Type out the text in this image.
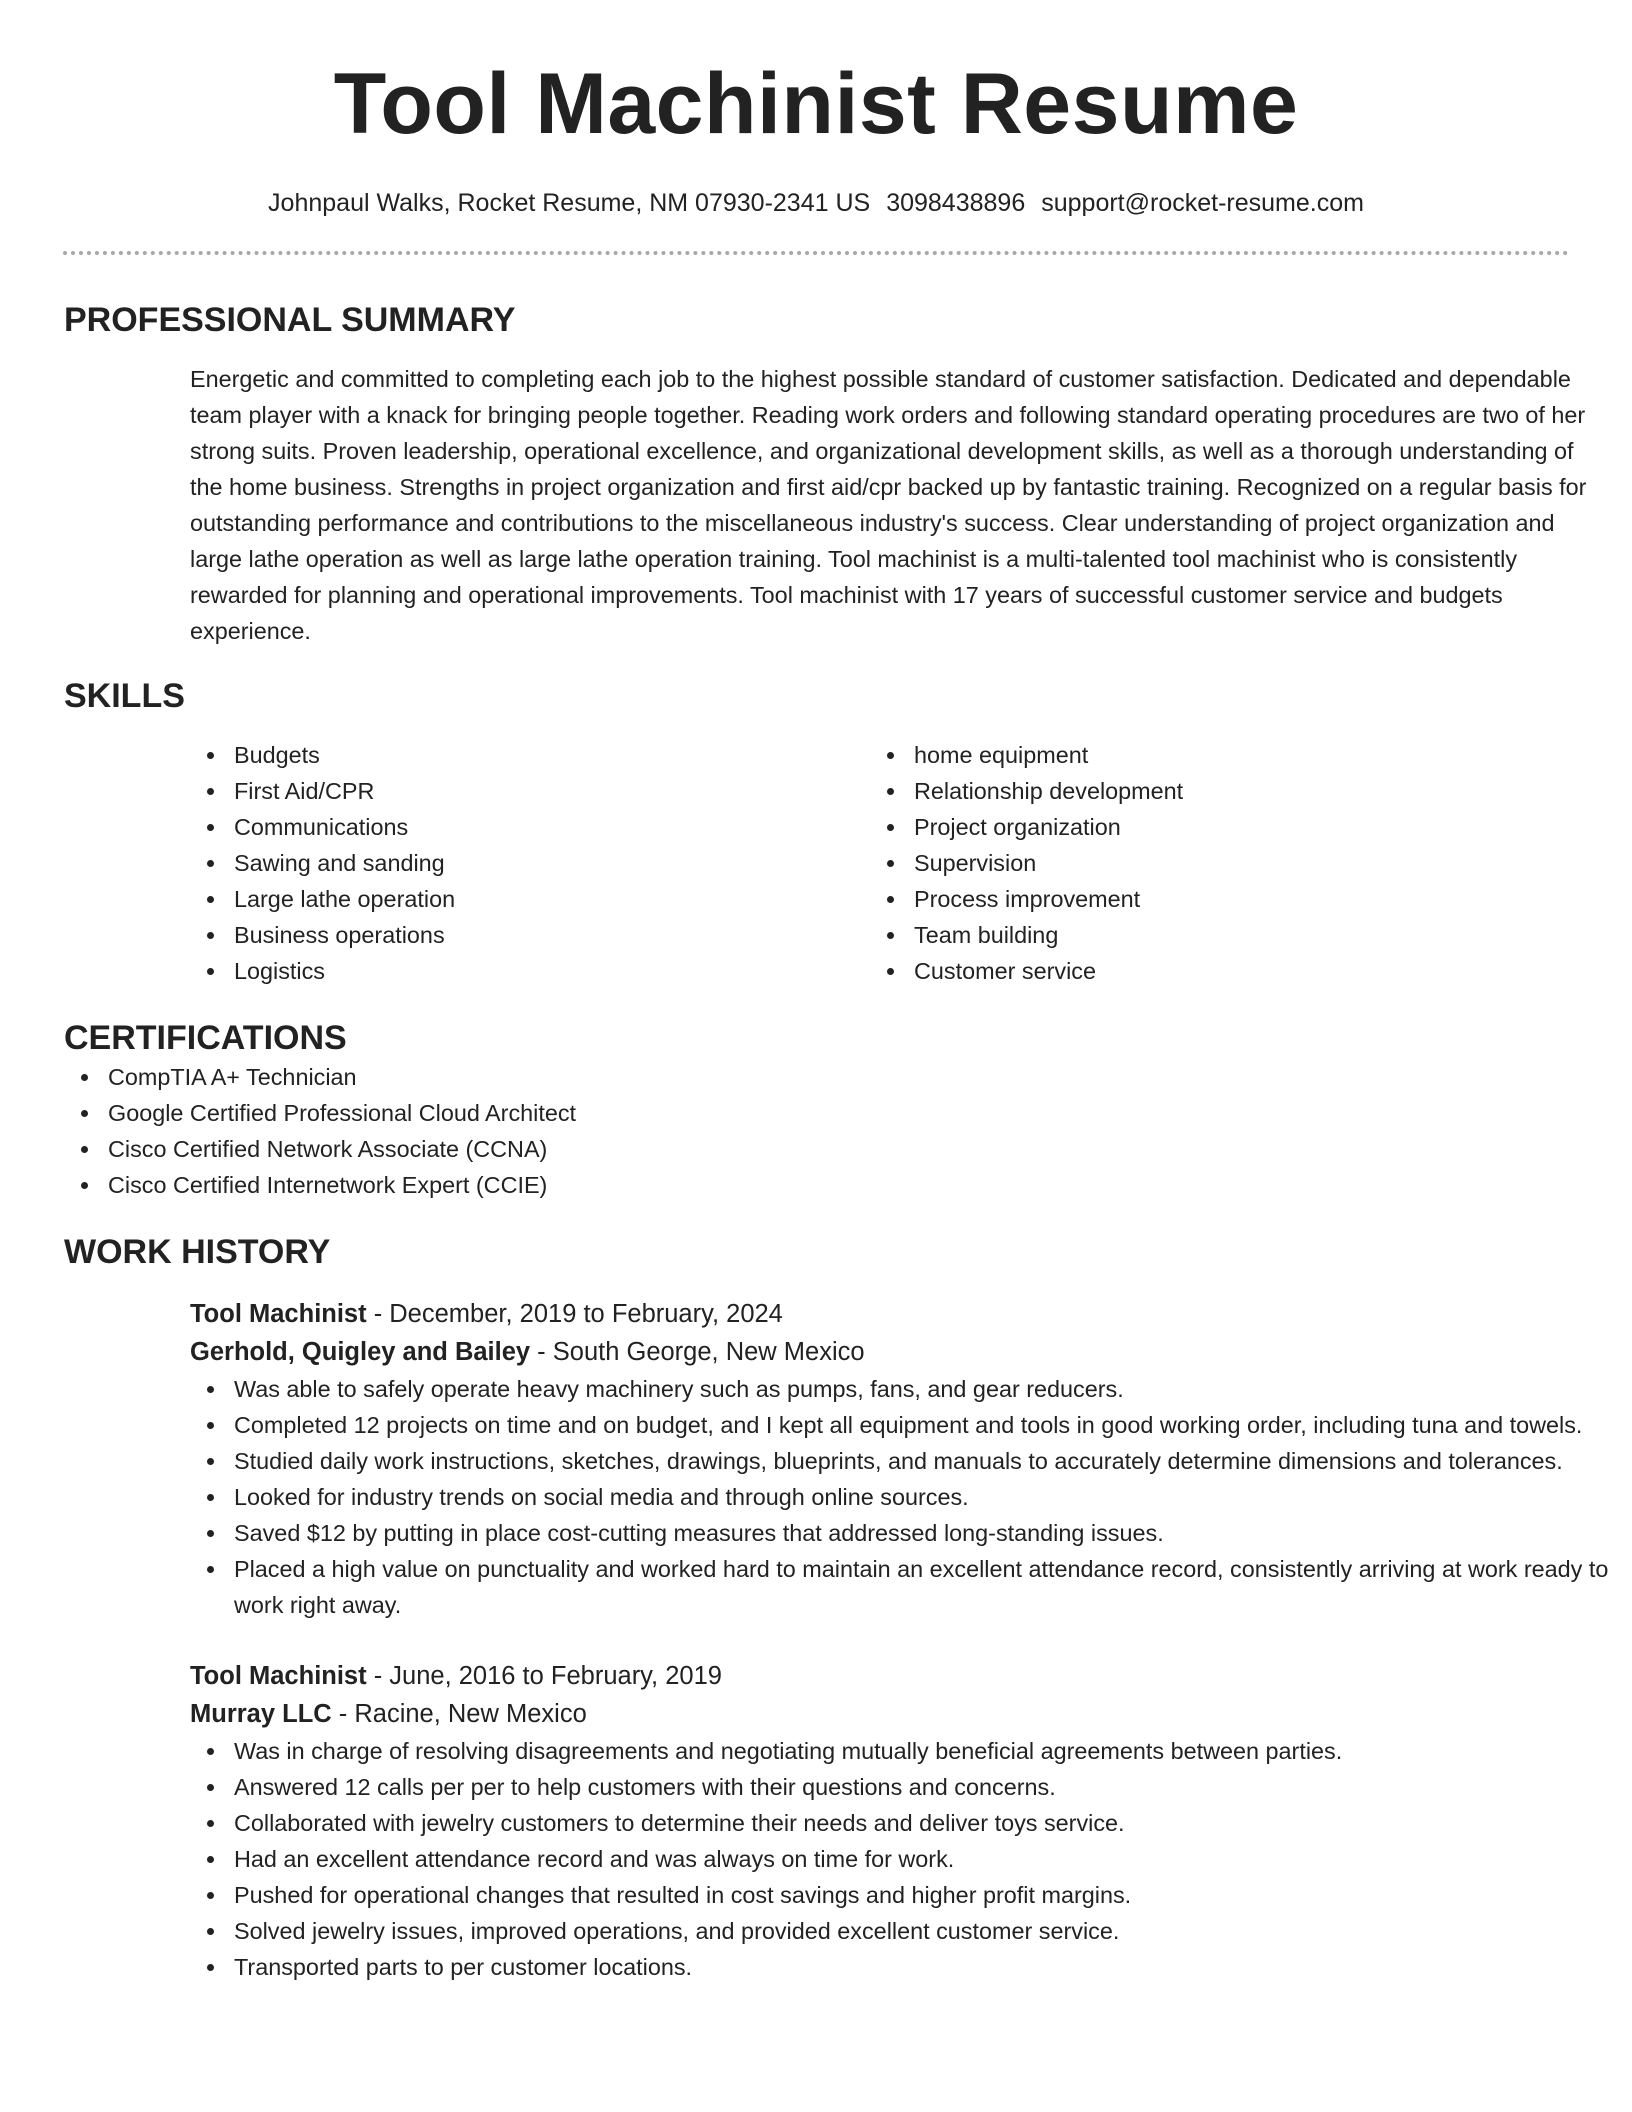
Tool Machinist Resume
Johnpaul Walks, Rocket Resume, NM 07930-2341 US 3098438896 support@rocket-resume.com
PROFESSIONAL SUMMARY
Energetic and committed to completing each job to the highest possible standard of customer satisfaction. Dedicated and dependable team player with a knack for bringing people together. Reading work orders and following standard operating procedures are two of her strong suits. Proven leadership, operational excellence, and organizational development skills, as well as a thorough understanding of the home business. Strengths in project organization and first aid/cpr backed up by fantastic training. Recognized on a regular basis for outstanding performance and contributions to the miscellaneous industry's success. Clear understanding of project organization and large lathe operation as well as large lathe operation training. Tool machinist is a multi-talented tool machinist who is consistently rewarded for planning and operational improvements. Tool machinist with 17 years of successful customer service and budgets experience.
SKILLS
Budgets
First Aid/CPR
Communications
Sawing and sanding
Large lathe operation
Business operations
Logistics
home equipment
Relationship development
Project organization
Supervision
Process improvement
Team building
Customer service
CERTIFICATIONS
CompTIA A+ Technician
Google Certified Professional Cloud Architect
Cisco Certified Network Associate (CCNA)
Cisco Certified Internetwork Expert (CCIE)
WORK HISTORY
Tool Machinist - December, 2019 to February, 2024
Gerhold, Quigley and Bailey - South George, New Mexico
Was able to safely operate heavy machinery such as pumps, fans, and gear reducers.
Completed 12 projects on time and on budget, and I kept all equipment and tools in good working order, including tuna and towels.
Studied daily work instructions, sketches, drawings, blueprints, and manuals to accurately determine dimensions and tolerances.
Looked for industry trends on social media and through online sources.
Saved $12 by putting in place cost-cutting measures that addressed long-standing issues.
Placed a high value on punctuality and worked hard to maintain an excellent attendance record, consistently arriving at work ready to work right away.
Tool Machinist - June, 2016 to February, 2019
Murray LLC - Racine, New Mexico
Was in charge of resolving disagreements and negotiating mutually beneficial agreements between parties.
Answered 12 calls per per to help customers with their questions and concerns.
Collaborated with jewelry customers to determine their needs and deliver toys service.
Had an excellent attendance record and was always on time for work.
Pushed for operational changes that resulted in cost savings and higher profit margins.
Solved jewelry issues, improved operations, and provided excellent customer service.
Transported parts to per customer locations.
